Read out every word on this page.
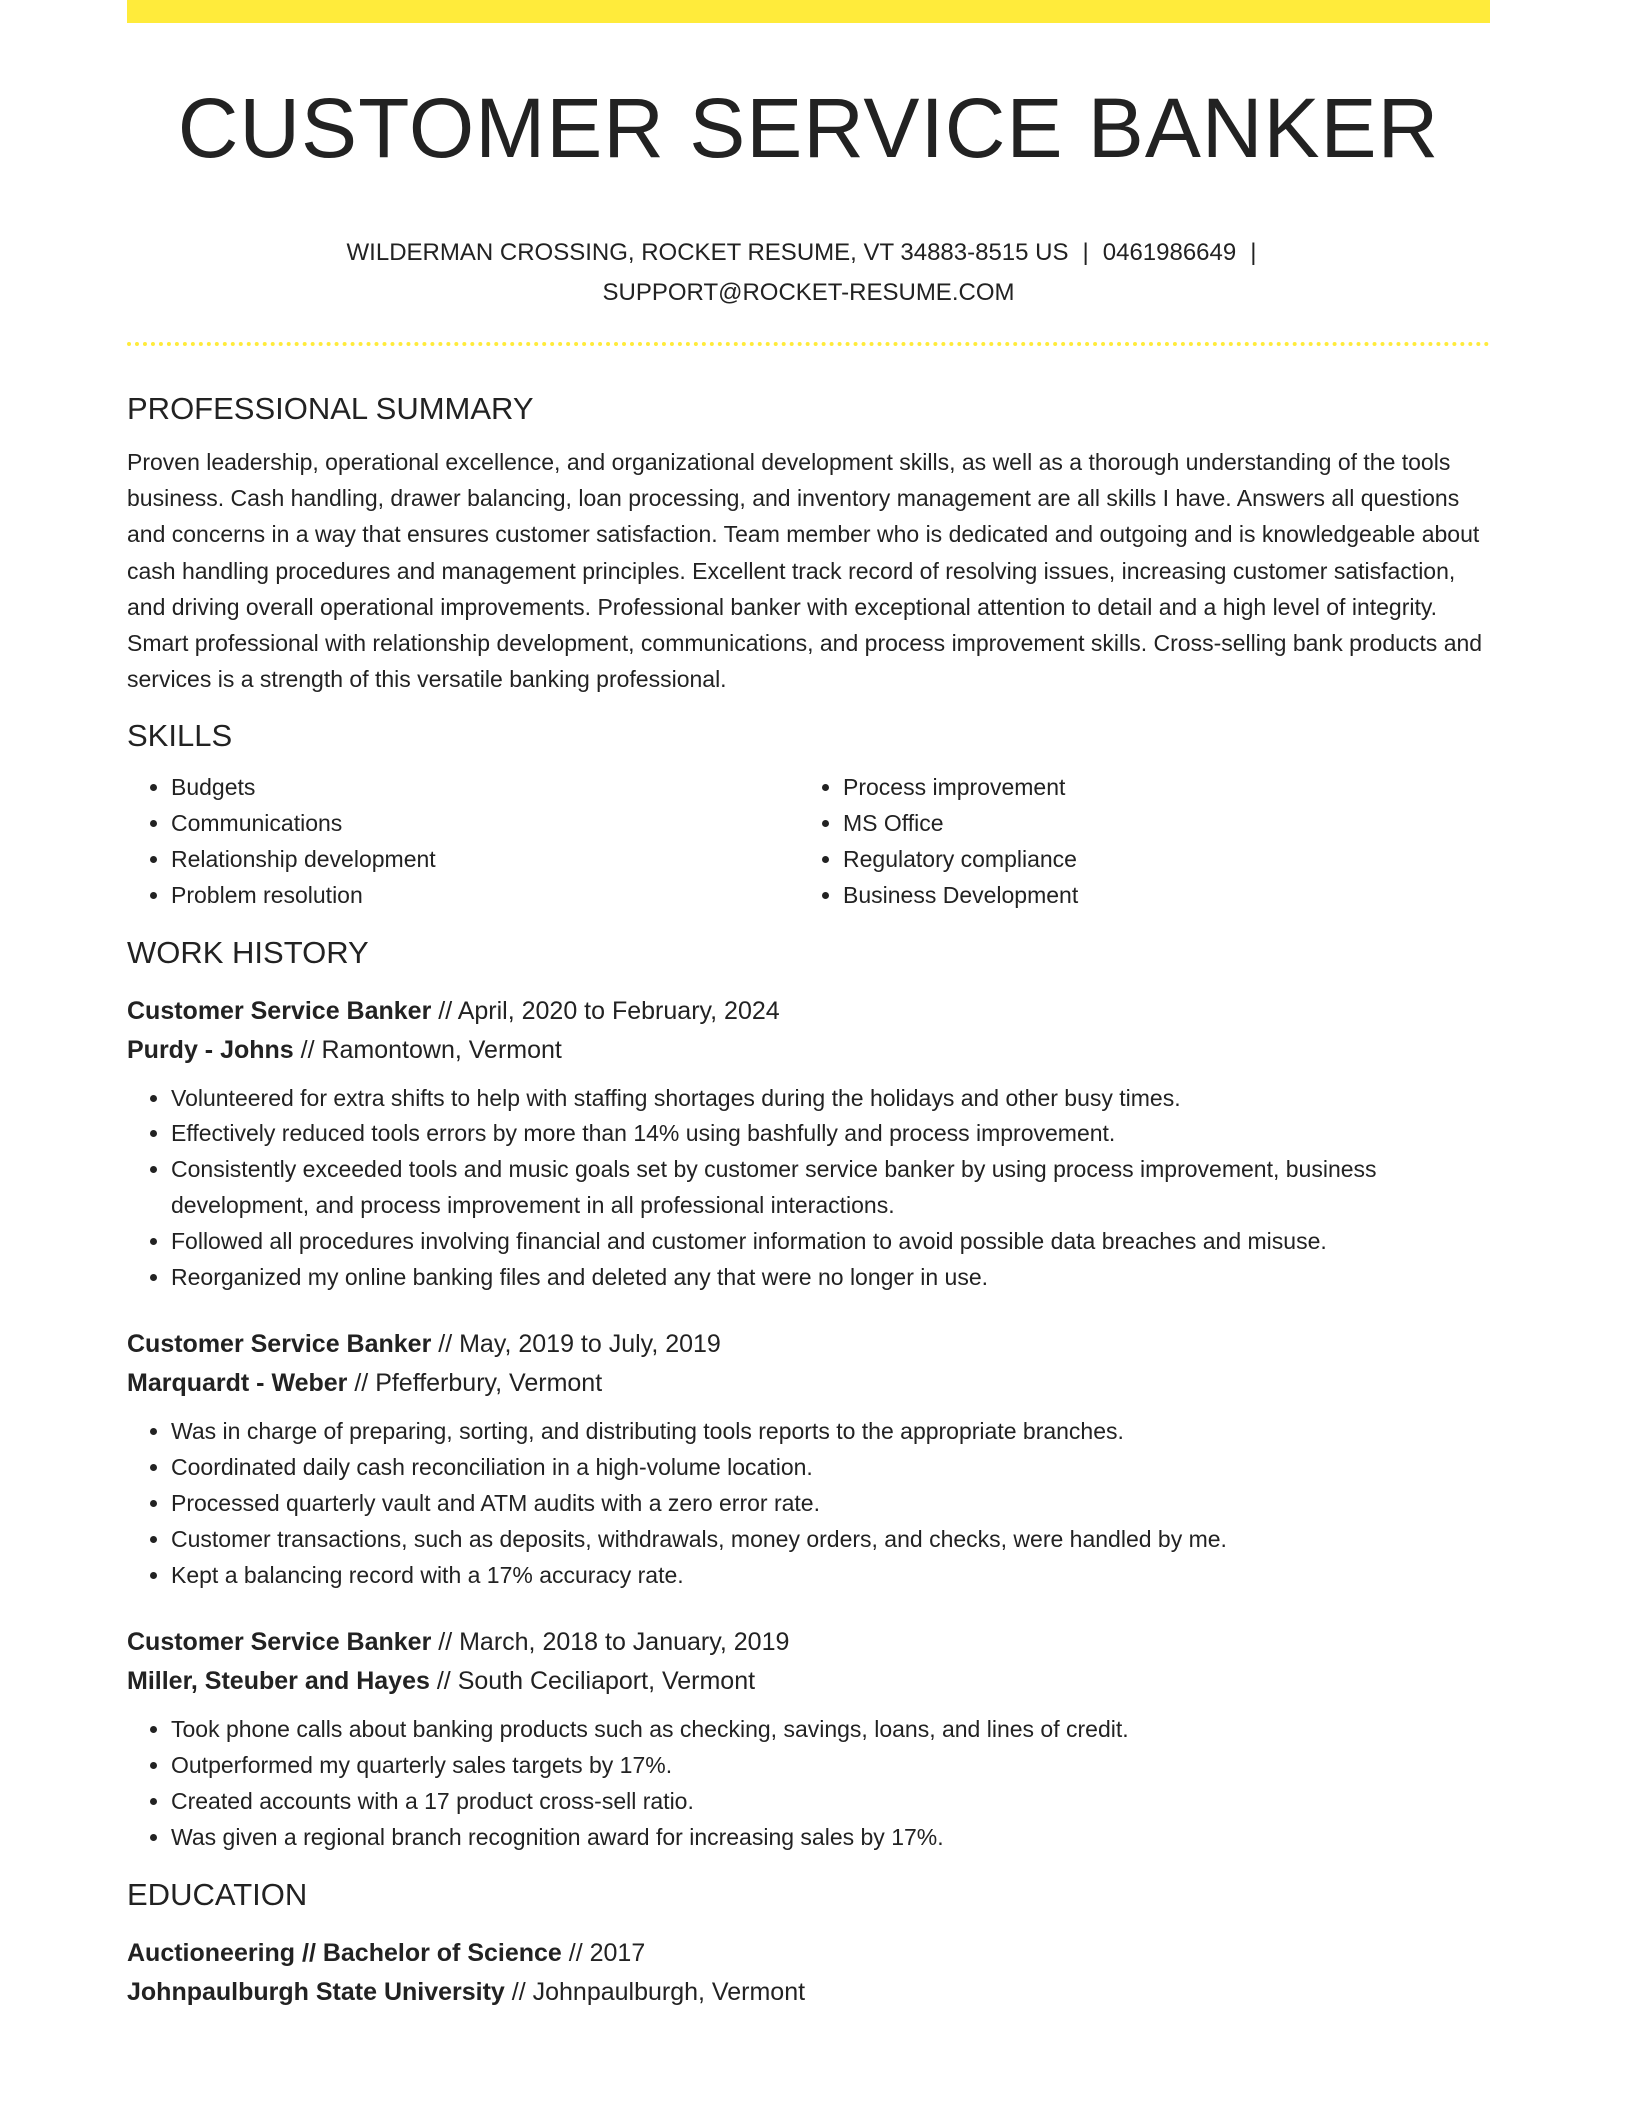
CUSTOMER SERVICE BANKER
WILDERMAN CROSSING, ROCKET RESUME, VT 34883-8515 US | 0461986649 |
SUPPORT@ROCKET-RESUME.COM
PROFESSIONAL SUMMARY

Proven leadership, operational excellence, and organizational development skills, as well as a thorough understanding of the tools business. Cash handling, drawer balancing, loan processing, and inventory management are all skills I have. Answers all questions and concerns in a way that ensures customer satisfaction. Team member who is dedicated and outgoing and is knowledgeable about cash handling procedures and management principles. Excellent track record of resolving issues, increasing customer satisfaction, and driving overall operational improvements. Professional banker with exceptional attention to detail and a high level of integrity. Smart professional with relationship development, communications, and process improvement skills. Cross-selling bank products and services is a strength of this versatile banking professional.

SKILLS
• Budgets
• Communications
• Relationship development
• Problem resolution
• Process improvement
• MS Office
• Regulatory compliance
• Business Development
WORK HISTORY
Customer Service Banker // April, 2020 to February, 2024
Purdy - Johns // Ramontown, Vermont
• Volunteered for extra shifts to help with staffing shortages during the holidays and other busy times.
• Effectively reduced tools errors by more than 14% using bashfully and process improvement.
• Consistently exceeded tools and music goals set by customer service banker by using process improvement, business development, and process improvement in all professional interactions.
• Followed all procedures involving financial and customer information to avoid possible data breaches and misuse.
• Reorganized my online banking files and deleted any that were no longer in use.
Customer Service Banker // May, 2019 to July, 2019
Marquardt - Weber // Pfefferbury, Vermont
• Was in charge of preparing, sorting, and distributing tools reports to the appropriate branches.
• Coordinated daily cash reconciliation in a high-volume location.
• Processed quarterly vault and ATM audits with a zero error rate.
• Customer transactions, such as deposits, withdrawals, money orders, and checks, were handled by me.
• Kept a balancing record with a 17% accuracy rate.
Customer Service Banker // March, 2018 to January, 2019
Miller, Steuber and Hayes // South Ceciliaport, Vermont
• Took phone calls about banking products such as checking, savings, loans, and lines of credit.
• Outperformed my quarterly sales targets by 17%.
• Created accounts with a 17 product cross-sell ratio.
• Was given a regional branch recognition award for increasing sales by 17%.
EDUCATION
Auctioneering // Bachelor of Science // 2017
Johnpaulburgh State University // Johnpaulburgh, Vermont
